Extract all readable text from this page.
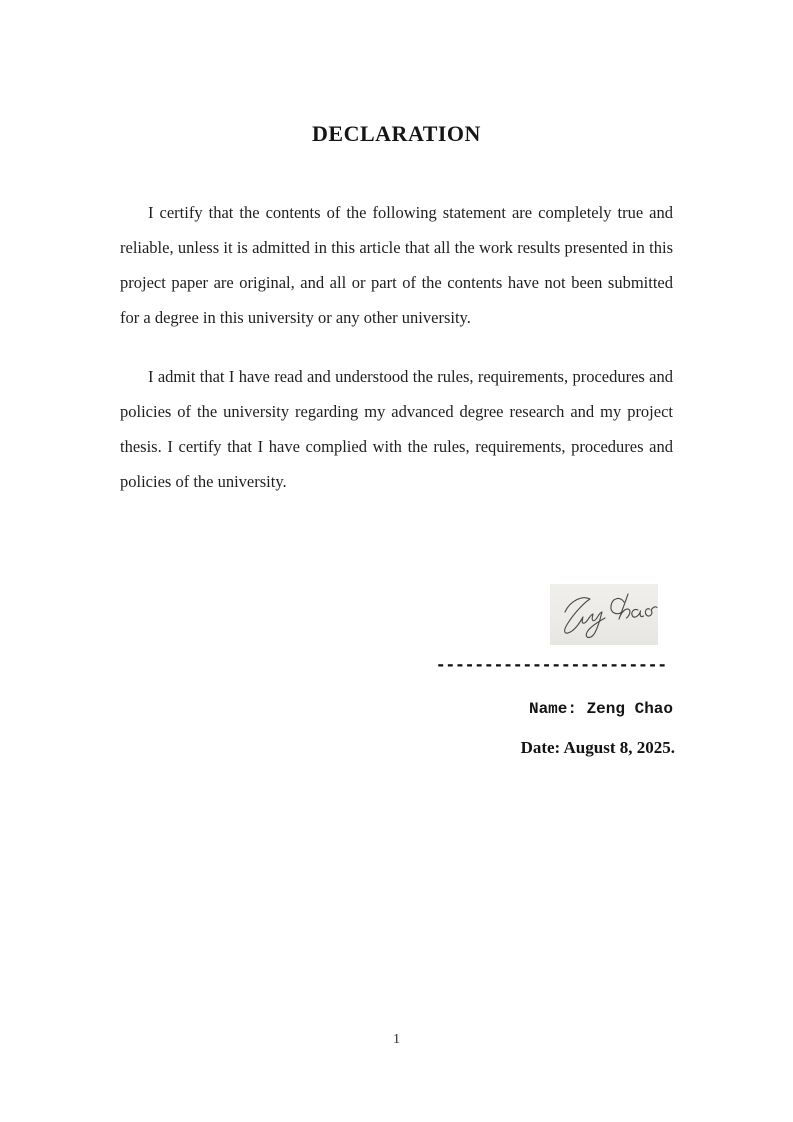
DECLARATION

I certify that the contents of the following statement are completely true and reliable, unless it is admitted in this article that all the work results presented in this project paper are original, and all or part of the contents have not been submitted for a degree in this university or any other university.

I admit that I have read and understood the rules, requirements, procedures and policies of the university regarding my advanced degree research and my project thesis. I certify that I have complied with the rules, requirements, procedures and policies of the university.

------------------------
Name: Zeng Chao
Date: August 8, 2025.
1
